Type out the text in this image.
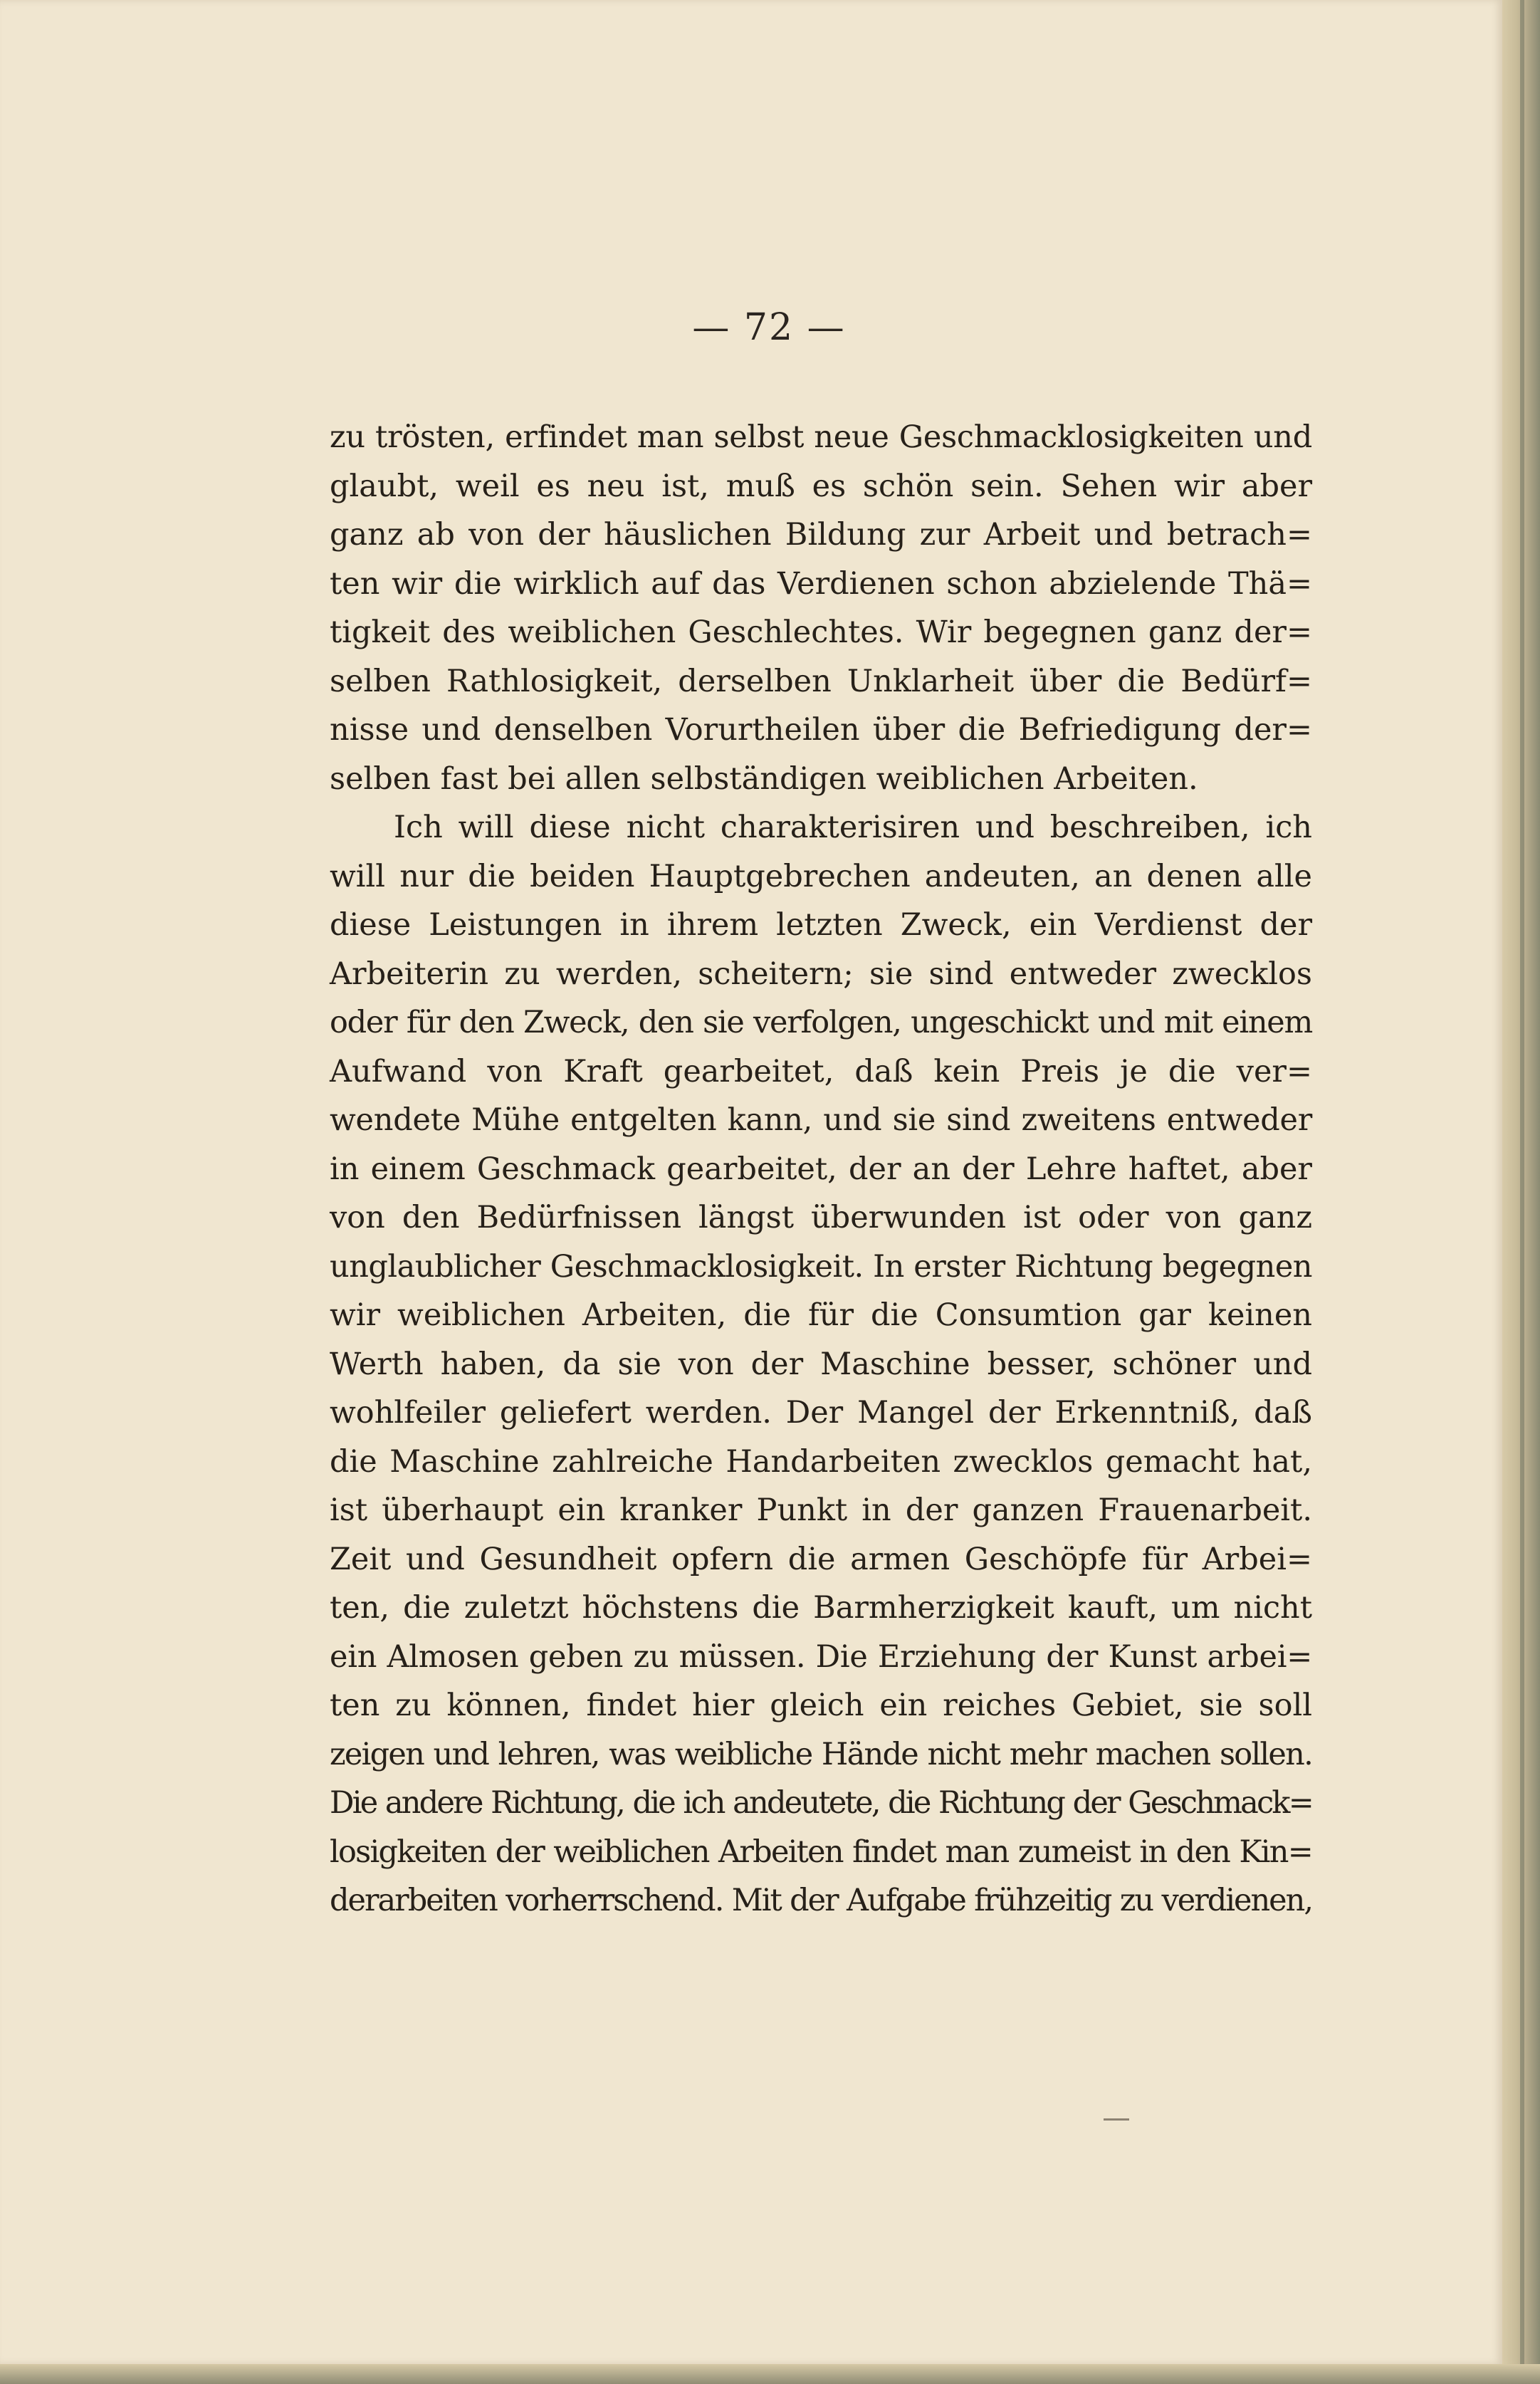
— 72 —
zu trösten, erfindet man selbst neue Geschmacklosigkeiten und
glaubt, weil es neu ist, muß es schön sein. Sehen wir aber
ganz ab von der häuslichen Bildung zur Arbeit und betrach=
ten wir die wirklich auf das Verdienen schon abzielende Thä=
tigkeit des weiblichen Geschlechtes. Wir begegnen ganz der=
selben Rathlosigkeit, derselben Unklarheit über die Bedürf=
nisse und denselben Vorurtheilen über die Befriedigung der=
selben fast bei allen selbständigen weiblichen Arbeiten.
Ich will diese nicht charakterisiren und beschreiben, ich
will nur die beiden Hauptgebrechen andeuten, an denen alle
diese Leistungen in ihrem letzten Zweck, ein Verdienst der
Arbeiterin zu werden, scheitern; sie sind entweder zwecklos
oder für den Zweck, den sie verfolgen, ungeschickt und mit einem
Aufwand von Kraft gearbeitet, daß kein Preis je die ver=
wendete Mühe entgelten kann, und sie sind zweitens entweder
in einem Geschmack gearbeitet, der an der Lehre haftet, aber
von den Bedürfnissen längst überwunden ist oder von ganz
unglaublicher Geschmacklosigkeit. In erster Richtung begegnen
wir weiblichen Arbeiten, die für die Consumtion gar keinen
Werth haben, da sie von der Maschine besser, schöner und
wohlfeiler geliefert werden. Der Mangel der Erkenntniß, daß
die Maschine zahlreiche Handarbeiten zwecklos gemacht hat,
ist überhaupt ein kranker Punkt in der ganzen Frauenarbeit.
Zeit und Gesundheit opfern die armen Geschöpfe für Arbei=
ten, die zuletzt höchstens die Barmherzigkeit kauft, um nicht
ein Almosen geben zu müssen. Die Erziehung der Kunst arbei=
ten zu können, findet hier gleich ein reiches Gebiet, sie soll
zeigen und lehren, was weibliche Hände nicht mehr machen sollen.
Die andere Richtung, die ich andeutete, die Richtung der Geschmack=
losigkeiten der weiblichen Arbeiten findet man zumeist in den Kin=
derarbeiten vorherrschend. Mit der Aufgabe frühzeitig zu verdienen,
